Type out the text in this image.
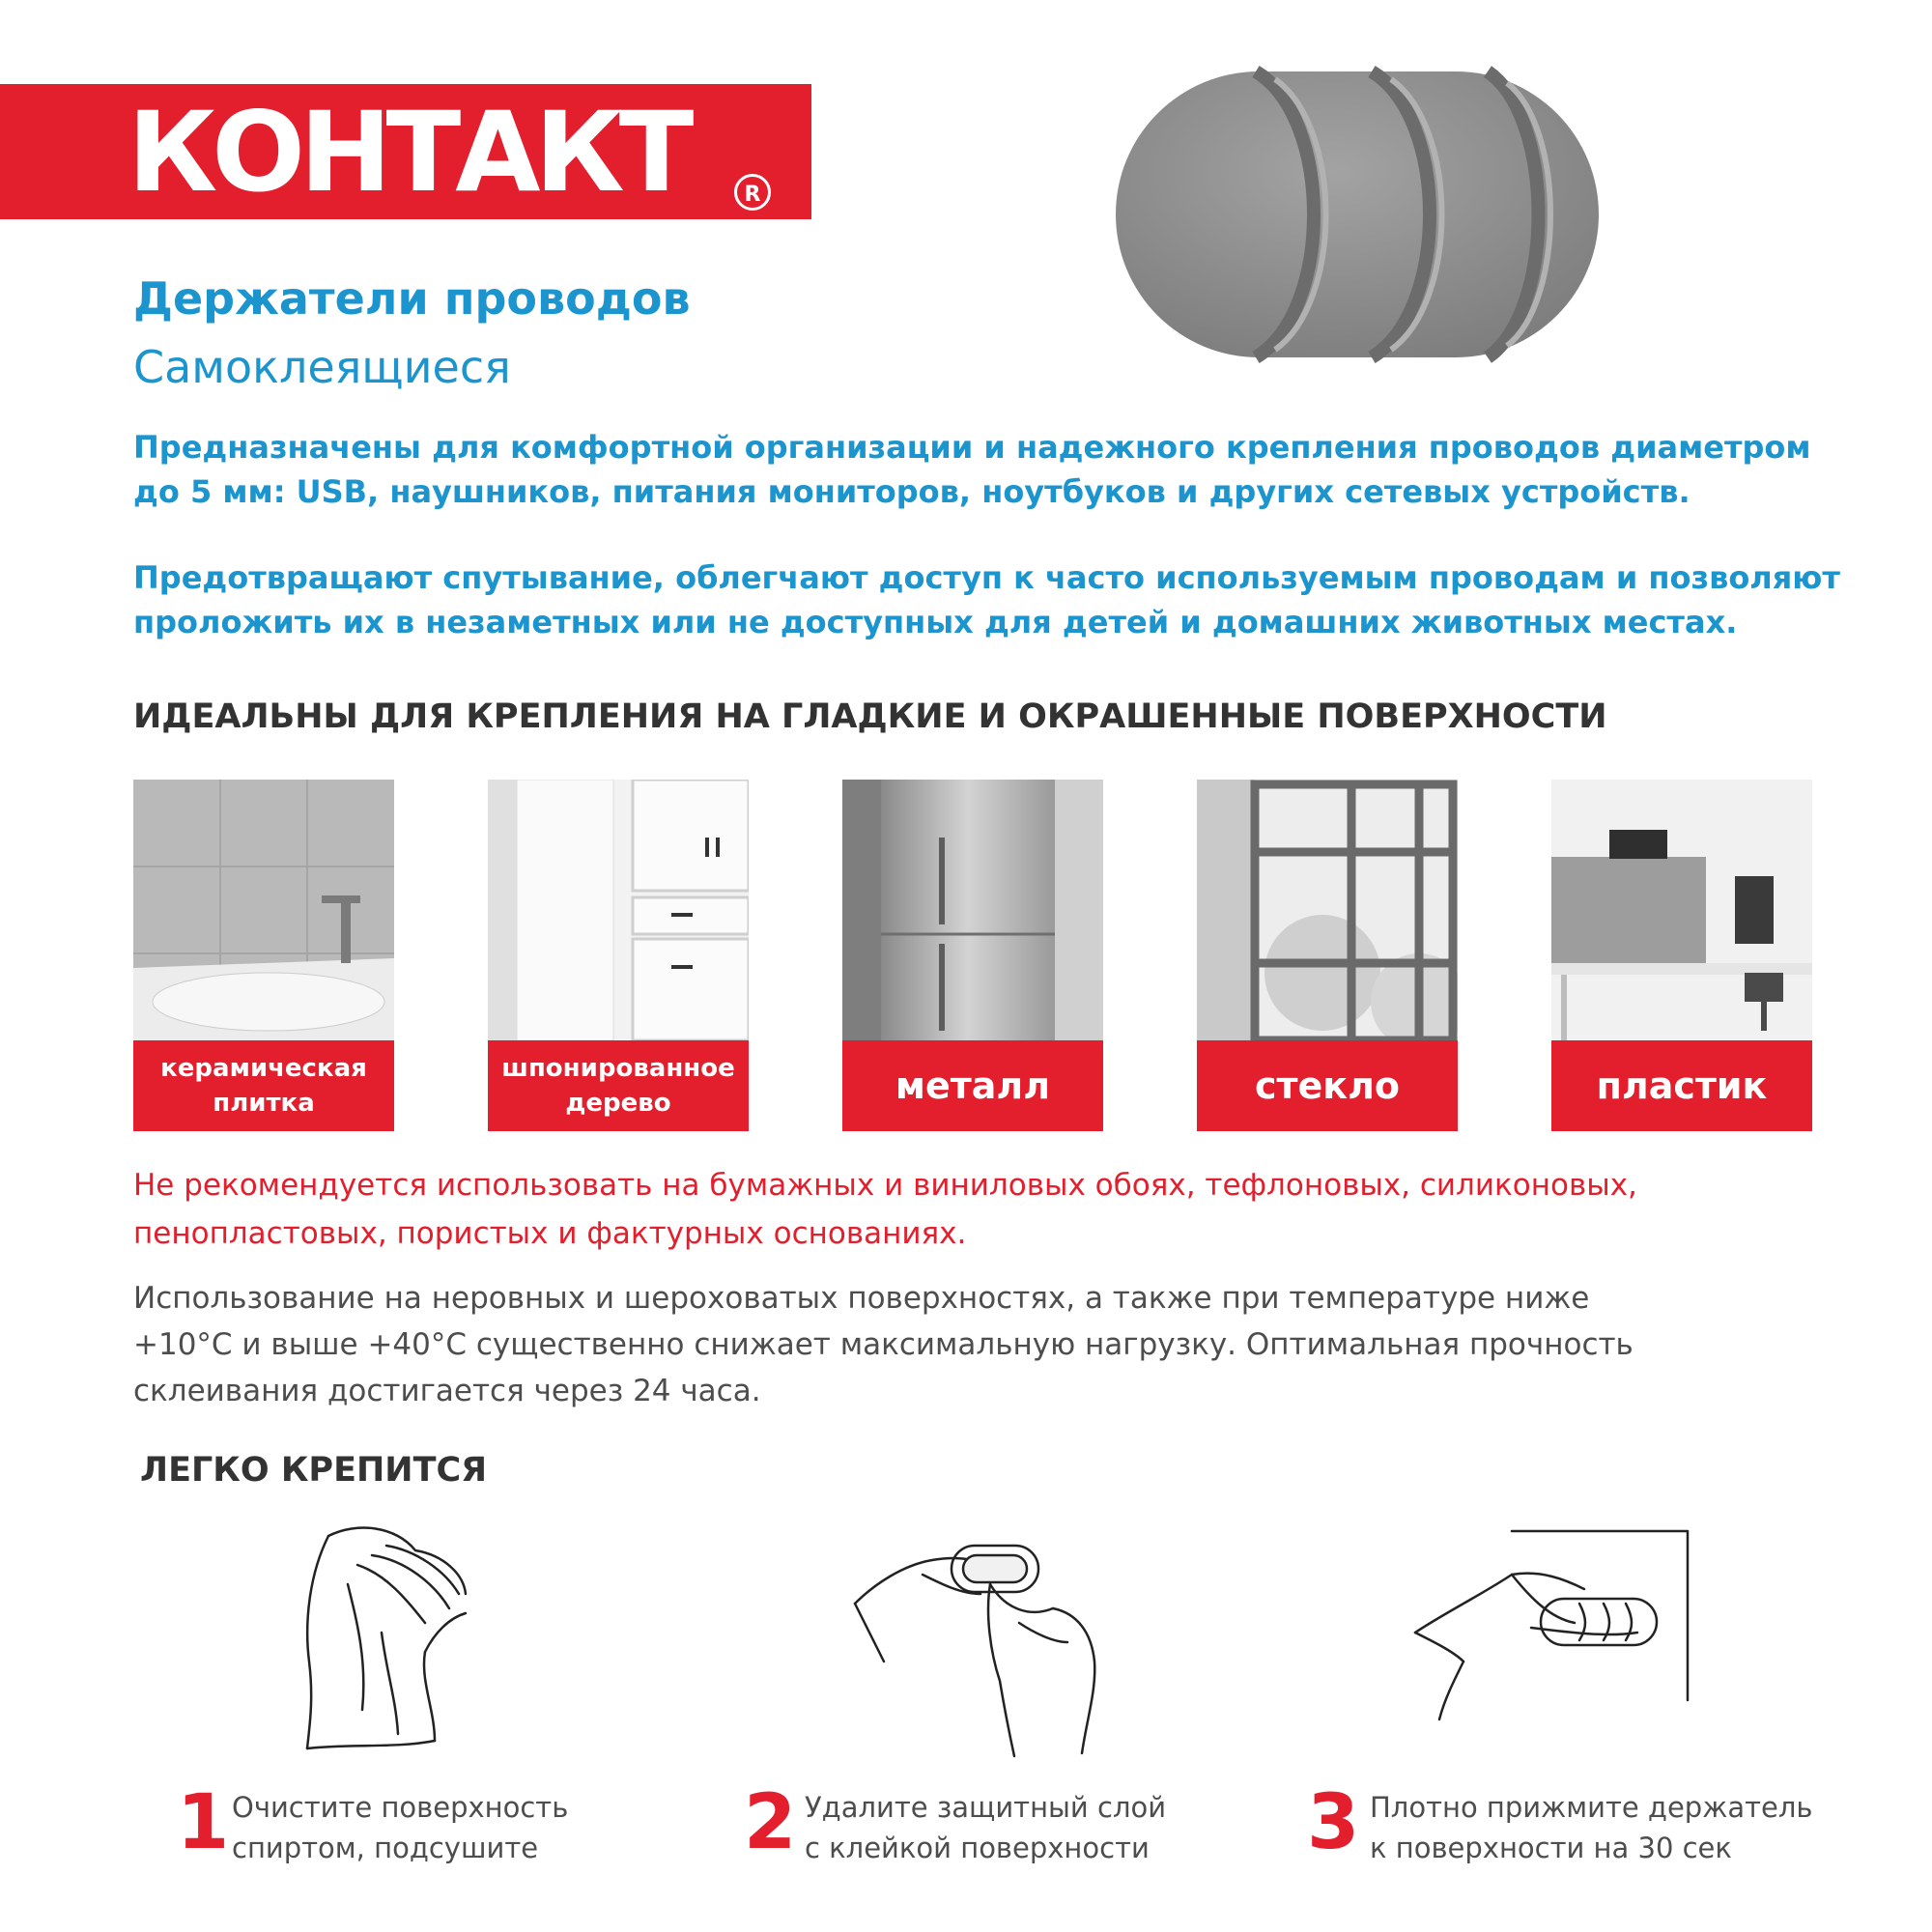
КОНТАКТ	R
Держатели проводов
Самоклеящиеся

Предназначены для комфортной организации и надежного крепления проводов диаметром

до 5 мм: USB, наушников, питания мониторов, ноутбуков и других сетевых устройств.

Предотвращают спутывание, облегчают доступ к часто используемым проводам и позволяют

проложить их в незаметных или не доступных для детей и домашних животных местах.

ИДЕАЛЬНЫ ДЛЯ КРЕПЛЕНИЯ НА ГЛАДКИЕ И ОКРАШЕННЫЕ ПОВЕРХНОСТИ
керамическая
плитка
шпонированное
дерево	металл	стекло	пластик
Не рекомендуется использовать на бумажных и виниловых обоях, тефлоновых, силиконовых,
пенопластовых, пористых и фактурных основаниях.
Использование на неровных и шероховатых поверхностях, а также при температуре ниже
+10°С и выше +40°С существенно снижает максимальную нагрузку. Оптимальная прочность
склеивания достигается через 24 часа.
ЛЕГКО КРЕПИТСЯ
1 Очистите поверхность
спиртом, подсушите	2 Удалите защитный слой
с клейкой поверхности 3 Плотно прижмите держатель
к поверхности на 30 сек
